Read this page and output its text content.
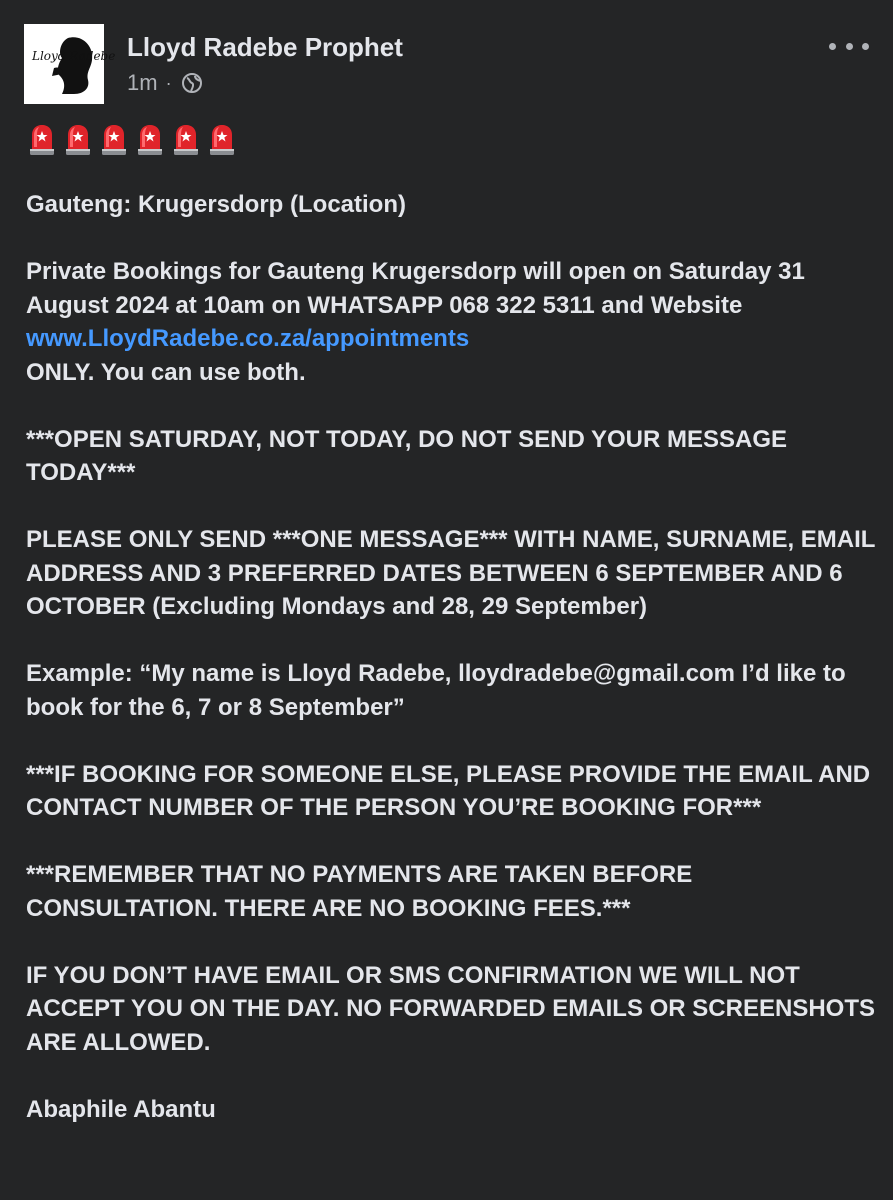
Lloyd Radebe Lloyd Radebe Prophet
1m ·

Gauteng: Krugersdorp (Location)

Private Bookings for Gauteng Krugersdorp will open on Saturday 31 August 2024 at 10am on WHATSAPP 068 322 5311 and Website www.LloydRadebe.co.za/appointments
ONLY. You can use both.

***OPEN SATURDAY, NOT TODAY, DO NOT SEND YOUR MESSAGE TODAY***

PLEASE ONLY SEND ***ONE MESSAGE*** WITH NAME, SURNAME, EMAIL ADDRESS AND 3 PREFERRED DATES BETWEEN 6 SEPTEMBER AND 6 OCTOBER (Excluding Mondays and 28, 29 September)

Example: “My name is Lloyd Radebe, lloydradebe@gmail.com I’d like to book for the 6, 7 or 8 September”

***IF BOOKING FOR SOMEONE ELSE, PLEASE PROVIDE THE EMAIL AND CONTACT NUMBER OF THE PERSON YOU’RE BOOKING FOR***

***REMEMBER THAT NO PAYMENTS ARE TAKEN BEFORE CONSULTATION. THERE ARE NO BOOKING FEES.***

IF YOU DON’T HAVE EMAIL OR SMS CONFIRMATION WE WILL NOT ACCEPT YOU ON THE DAY. NO FORWARDED EMAILS OR SCREENSHOTS ARE ALLOWED.

Abaphile Abantu
